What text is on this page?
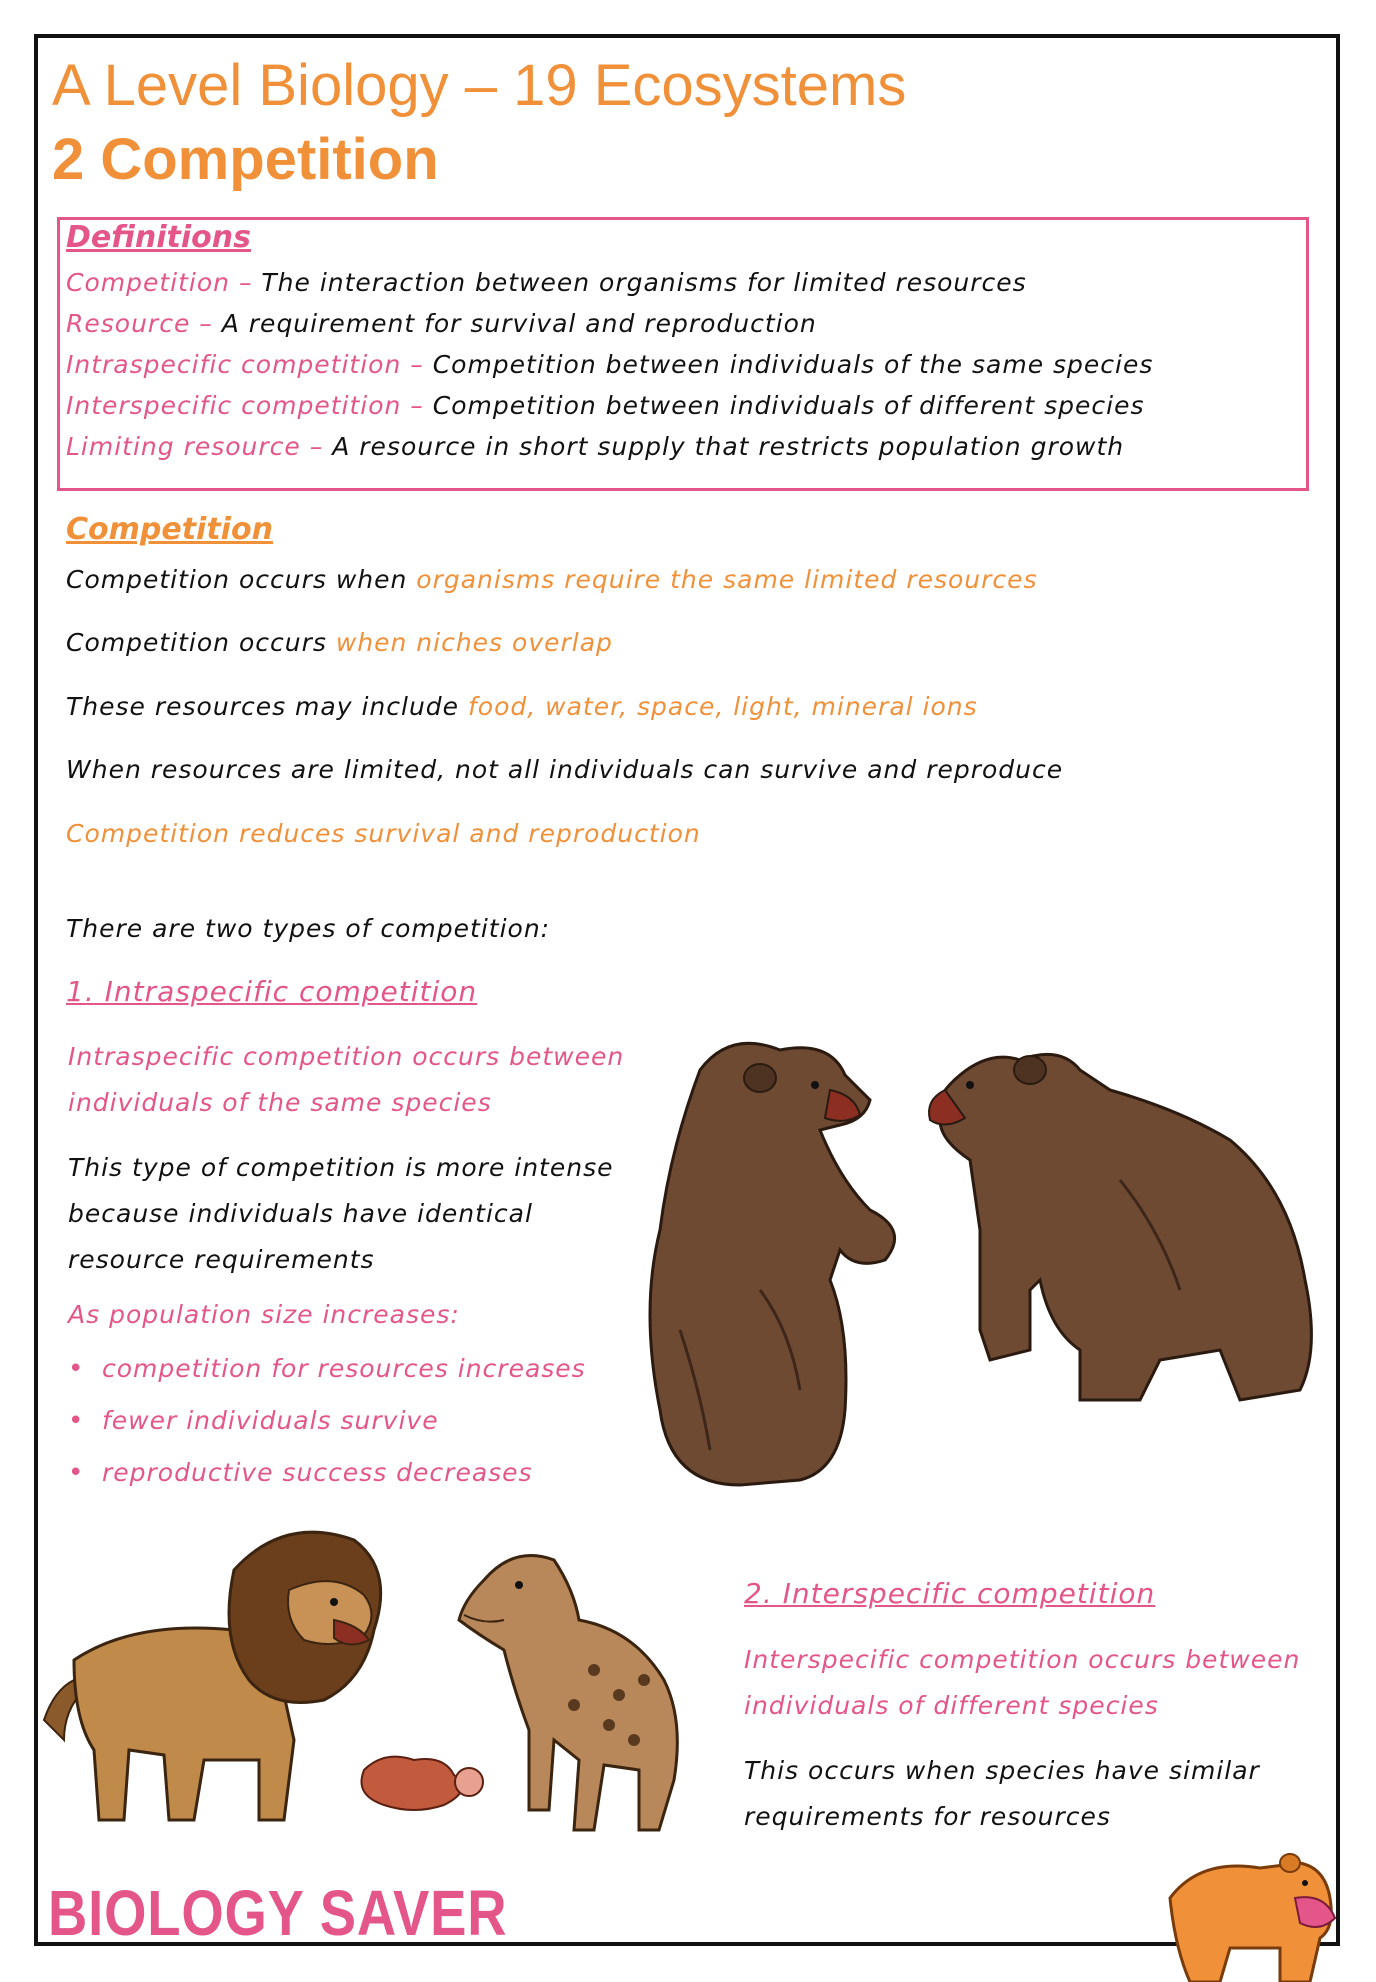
A Level Biology – 19 Ecosystems
2 Competition
Definitions
Competition – The interaction between organisms for limited resources
Resource – A requirement for survival and reproduction
Intraspecific competition – Competition between individuals of the same species
Interspecific competition – Competition between individuals of different species
Limiting resource – A resource in short supply that restricts population growth
Competition
Competition occurs when organisms require the same limited resources
Competition occurs when niches overlap
These resources may include food, water, space, light, mineral ions
When resources are limited, not all individuals can survive and reproduce
Competition reduces survival and reproduction
There are two types of competition:
1. Intraspecific competition
Intraspecific competition occurs between
individuals of the same species
This type of competition is more intense
because individuals have identical
resource requirements
As population size increases:
• competition for resources increases
• fewer individuals survive
• reproductive success decreases
2. Interspecific competition
Interspecific competition occurs between
individuals of different species
This occurs when species have similar
requirements for resources
BIOLOGY SAVER
